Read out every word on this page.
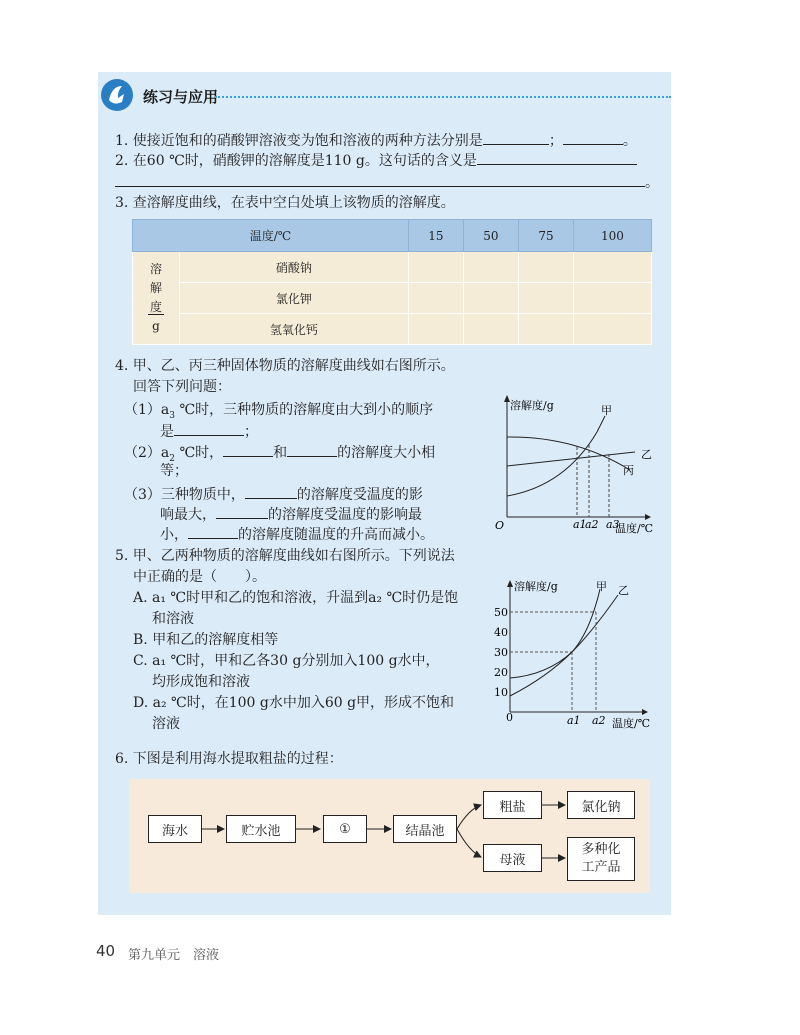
练习与应用
1. 使接近饱和的硝酸钾溶液变为饱和溶液的两种方法分别是	；	。
2. 在60 ℃时，硝酸钾的溶解度是110 g。这句话的含义是
。
3. 查溶解度曲线，在表中空白处填上该物质的溶解度。
温度/℃		15	50	75	100
溶
解
度
g	硝酸钠				
	氯化钾				
	氢氧化钙				
4. 甲、乙、丙三种固体物质的溶解度曲线如右图所示。
回答下列问题：
$(1)a_3$ ℃时，三种物质的溶解度由大到小的顺序
是	；
$(2)a_2$ ℃时，	和	的溶解度大小相
等；
（3）三种物质中，	的溶解度受温度的影
响最大，	的溶解度受温度的影响最
小，	的溶解度随温度的升高而减小。
溶解度/g
O	温度/℃
a1
a2 a3
甲
乙
丙
5. 甲、乙两种物质的溶解度曲线如右图所示。下列说法
中正确的是（　　）。
A. a₁ ℃时甲和乙的饱和溶液，升温到a₂ ℃时仍是饱
和溶液
B. 甲和乙的溶解度相等
C. a₁ ℃时，甲和乙各30 g分别加入100 g水中，
均形成饱和溶液
D. a₂ ℃时，在100 g水中加入60 g甲，形成不饱和
溶液
溶解度/g
温度/℃
50
40
30
20
10
0	a1 a2
甲 乙
6. 下图是利用海水提取粗盐的过程：
海水	贮水池	①	结晶池
粗盐	氯化钠
母液
多种化
工产品
40 第九单元　溶液
